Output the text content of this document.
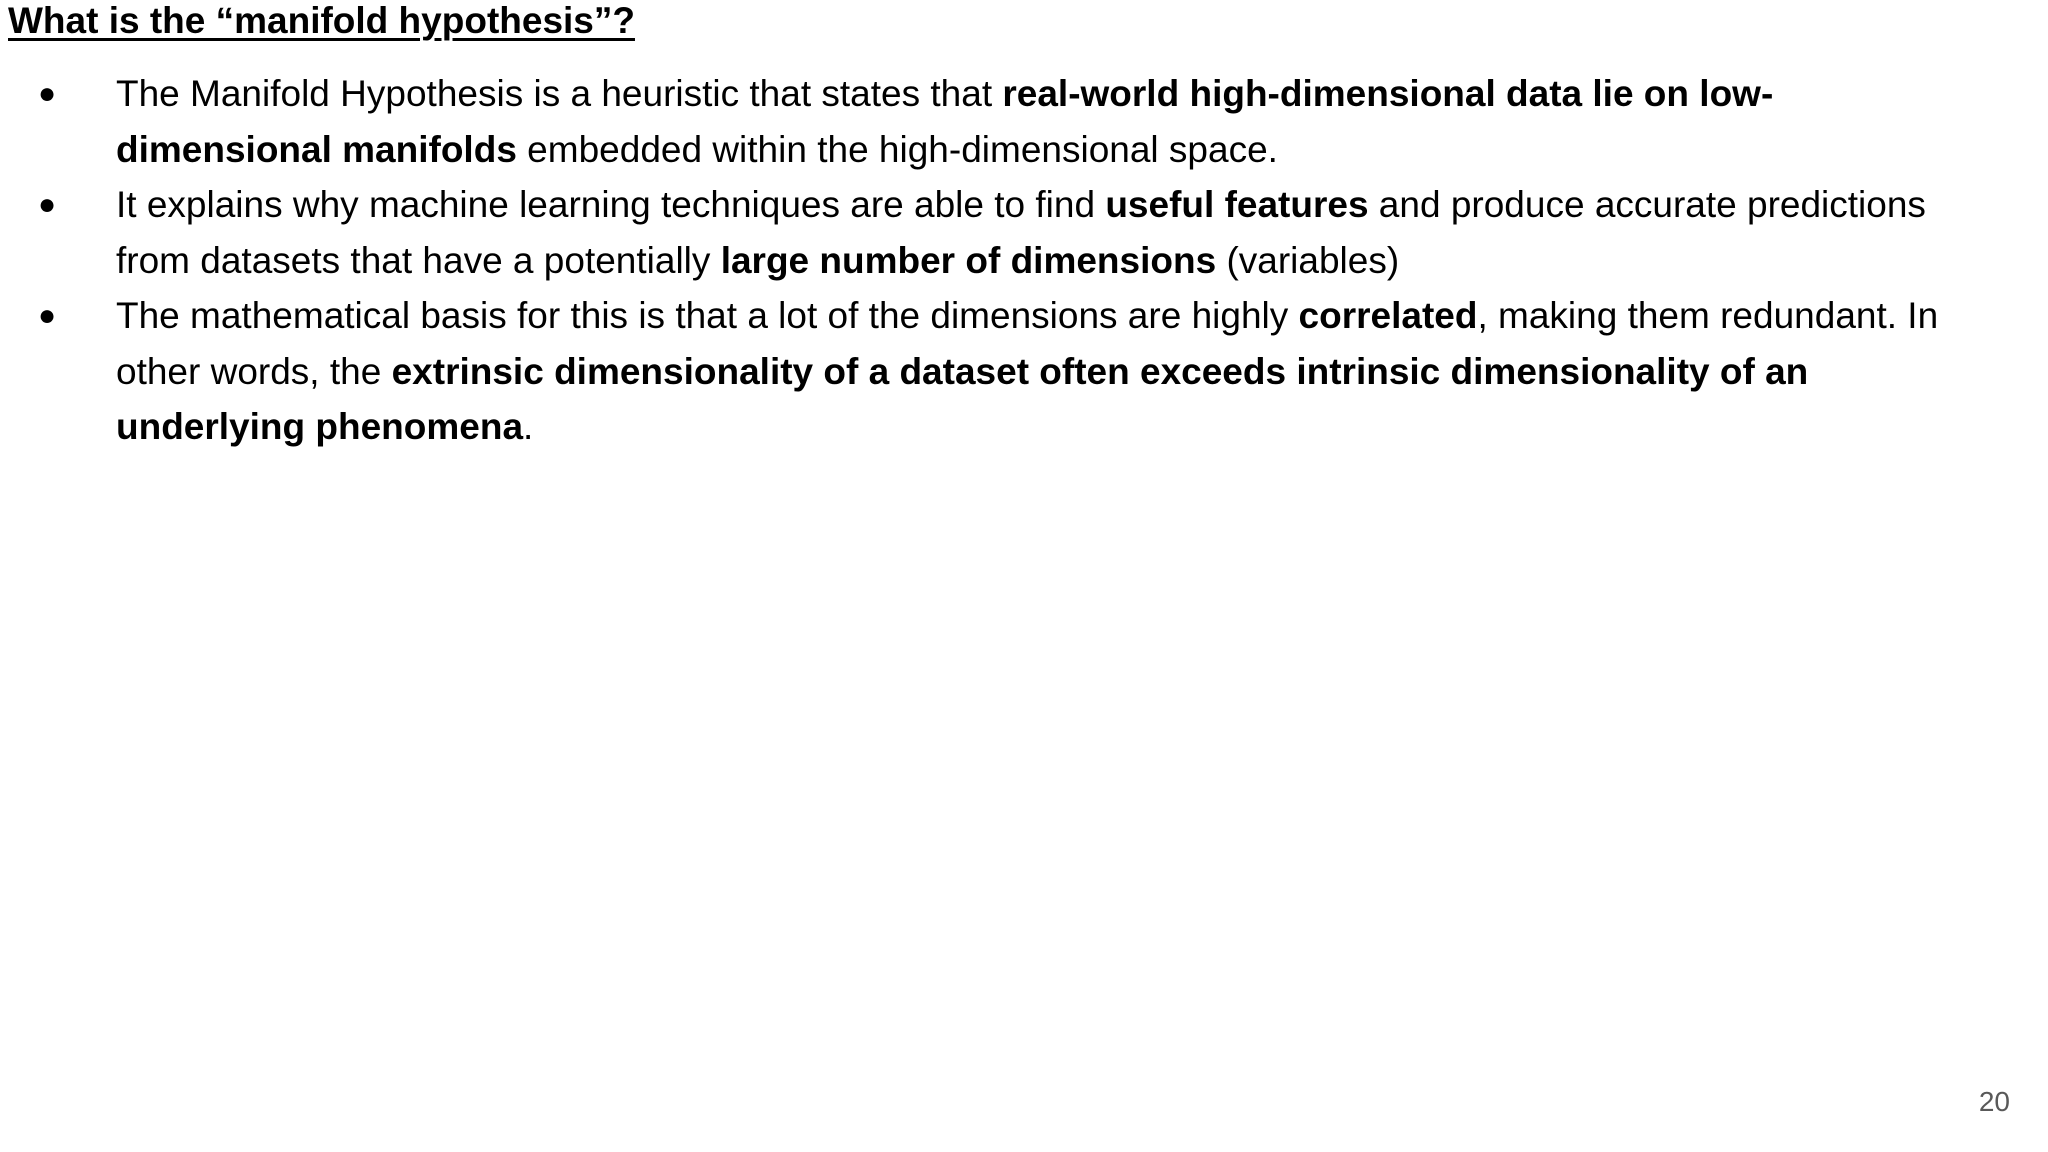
What is the “manifold hypothesis”?
● The Manifold Hypothesis is a heuristic that states that real-world high-dimensional data lie on low-dimensional manifolds embedded within the high-dimensional space.
● It explains why machine learning techniques are able to find useful features and produce accurate predictions from datasets that have a potentially large number of dimensions (variables)
● The mathematical basis for this is that a lot of the dimensions are highly correlated, making them redundant. In other words, the extrinsic dimensionality of a dataset often exceeds intrinsic dimensionality of an underlying phenomena.
20
